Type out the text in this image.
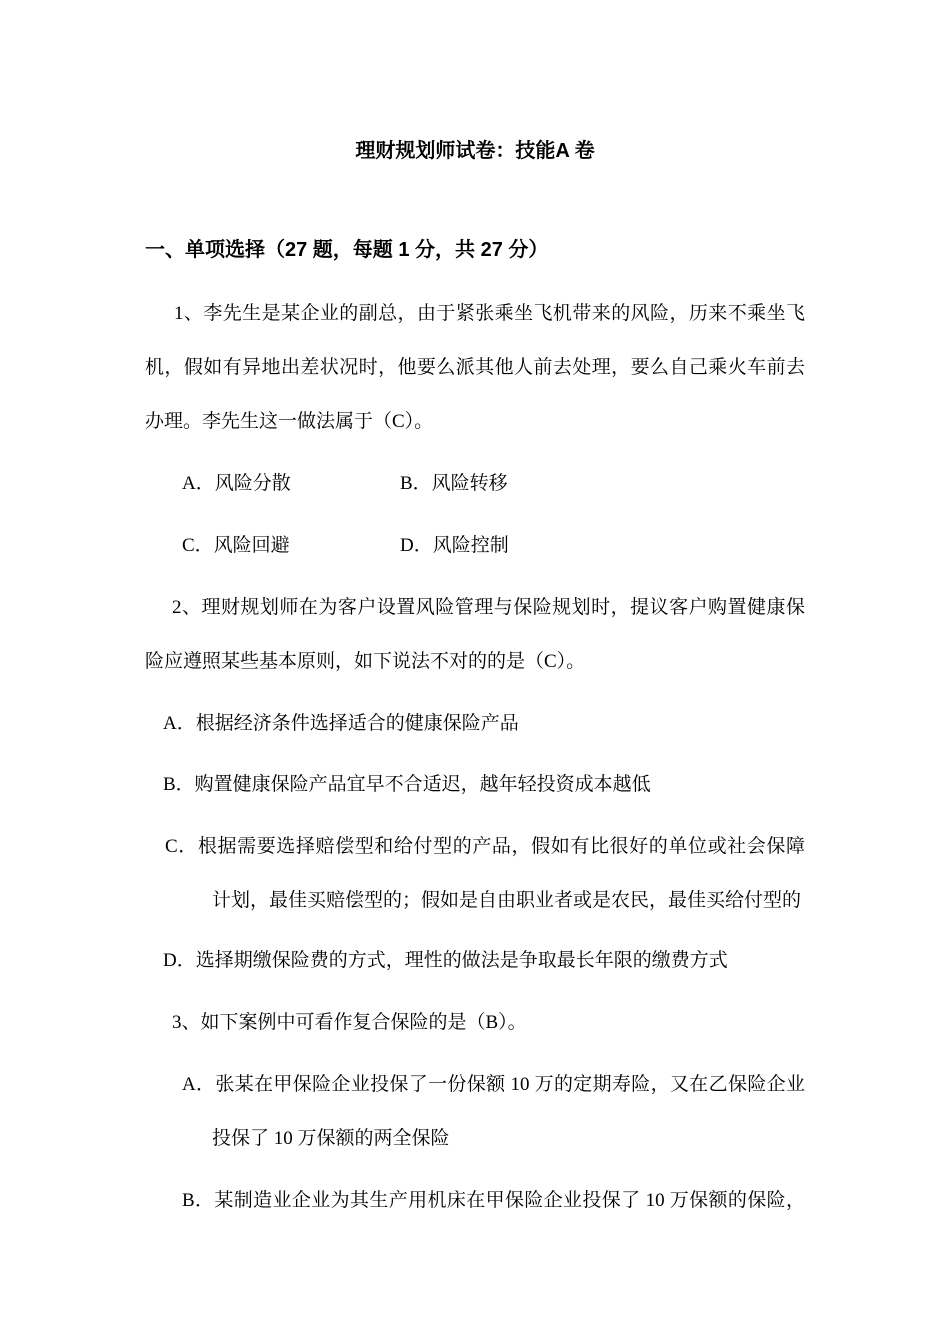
理财规划师试卷：技能A 卷
一、单项选择（27 题，每题 1 分，共 27 分）
1、李先生是某企业的副总，由于紧张乘坐飞机带来的风险，历来不乘坐飞
机，假如有异地出差状况时，他要么派其他人前去处理，要么自己乘火车前去
办理。李先生这一做法属于（C）。
A．风险分散	B．风险转移
C．风险回避	D．风险控制
2、理财规划师在为客户设置风险管理与保险规划时，提议客户购置健康保
险应遵照某些基本原则，如下说法不对的的是（C）。
A．根据经济条件选择适合的健康保险产品
B．购置健康保险产品宜早不合适迟，越年轻投资成本越低
C．根据需要选择赔偿型和给付型的产品，假如有比很好的单位或社会保障
计划，最佳买赔偿型的；假如是自由职业者或是农民，最佳买给付型的
D．选择期缴保险费的方式，理性的做法是争取最长年限的缴费方式
3、如下案例中可看作复合保险的是（B）。
A．张某在甲保险企业投保了一份保额 10 万的定期寿险，又在乙保险企业
投保了 10 万保额的两全保险
B．某制造业企业为其生产用机床在甲保险企业投保了 10 万保额的保险，
